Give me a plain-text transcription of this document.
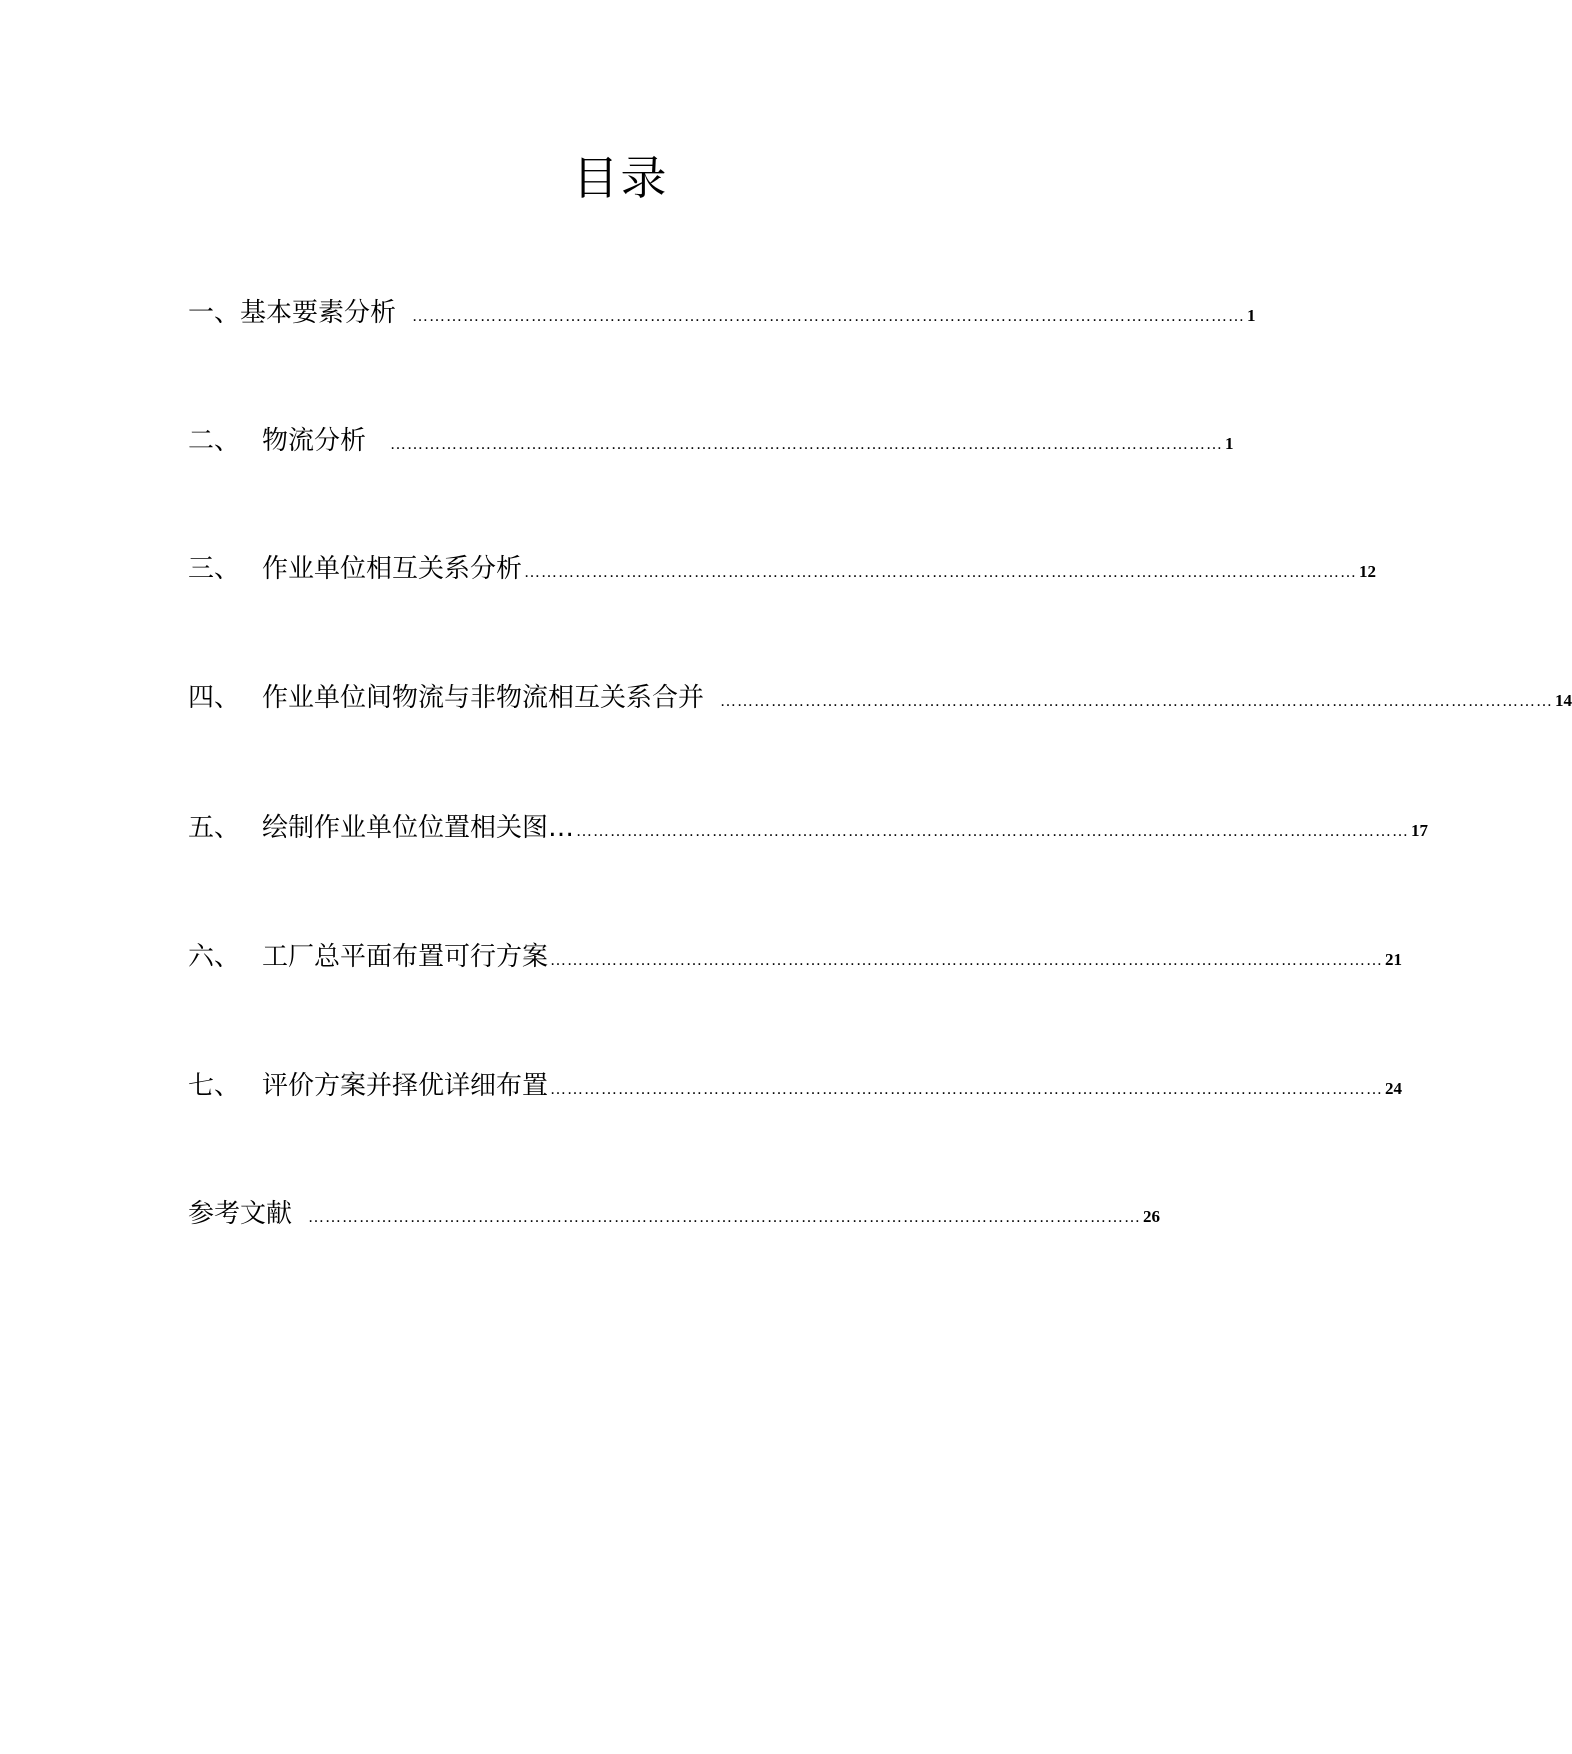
目录
一、 基本要素分析 ………………………………………………………………………………………………………………………………… 1
二、 物流分析 ………………………………………………………………………………………………………………………………… 1
三、 作业单位相互关系分析 ………………………………………………………………………………………………………………………………… 12
四、 作业单位间物流与非物流相互关系合并 ………………………………………………………………………………………………………………………………… 14
五、 绘制作业单位位置相关图… ………………………………………………………………………………………………………………………………… 17
六、 工厂总平面布置可行方案 ………………………………………………………………………………………………………………………………… 21
七、 评价方案并择优详细布置 ………………………………………………………………………………………………………………………………… 24
参考文献 ………………………………………………………………………………………………………………………………… 26
